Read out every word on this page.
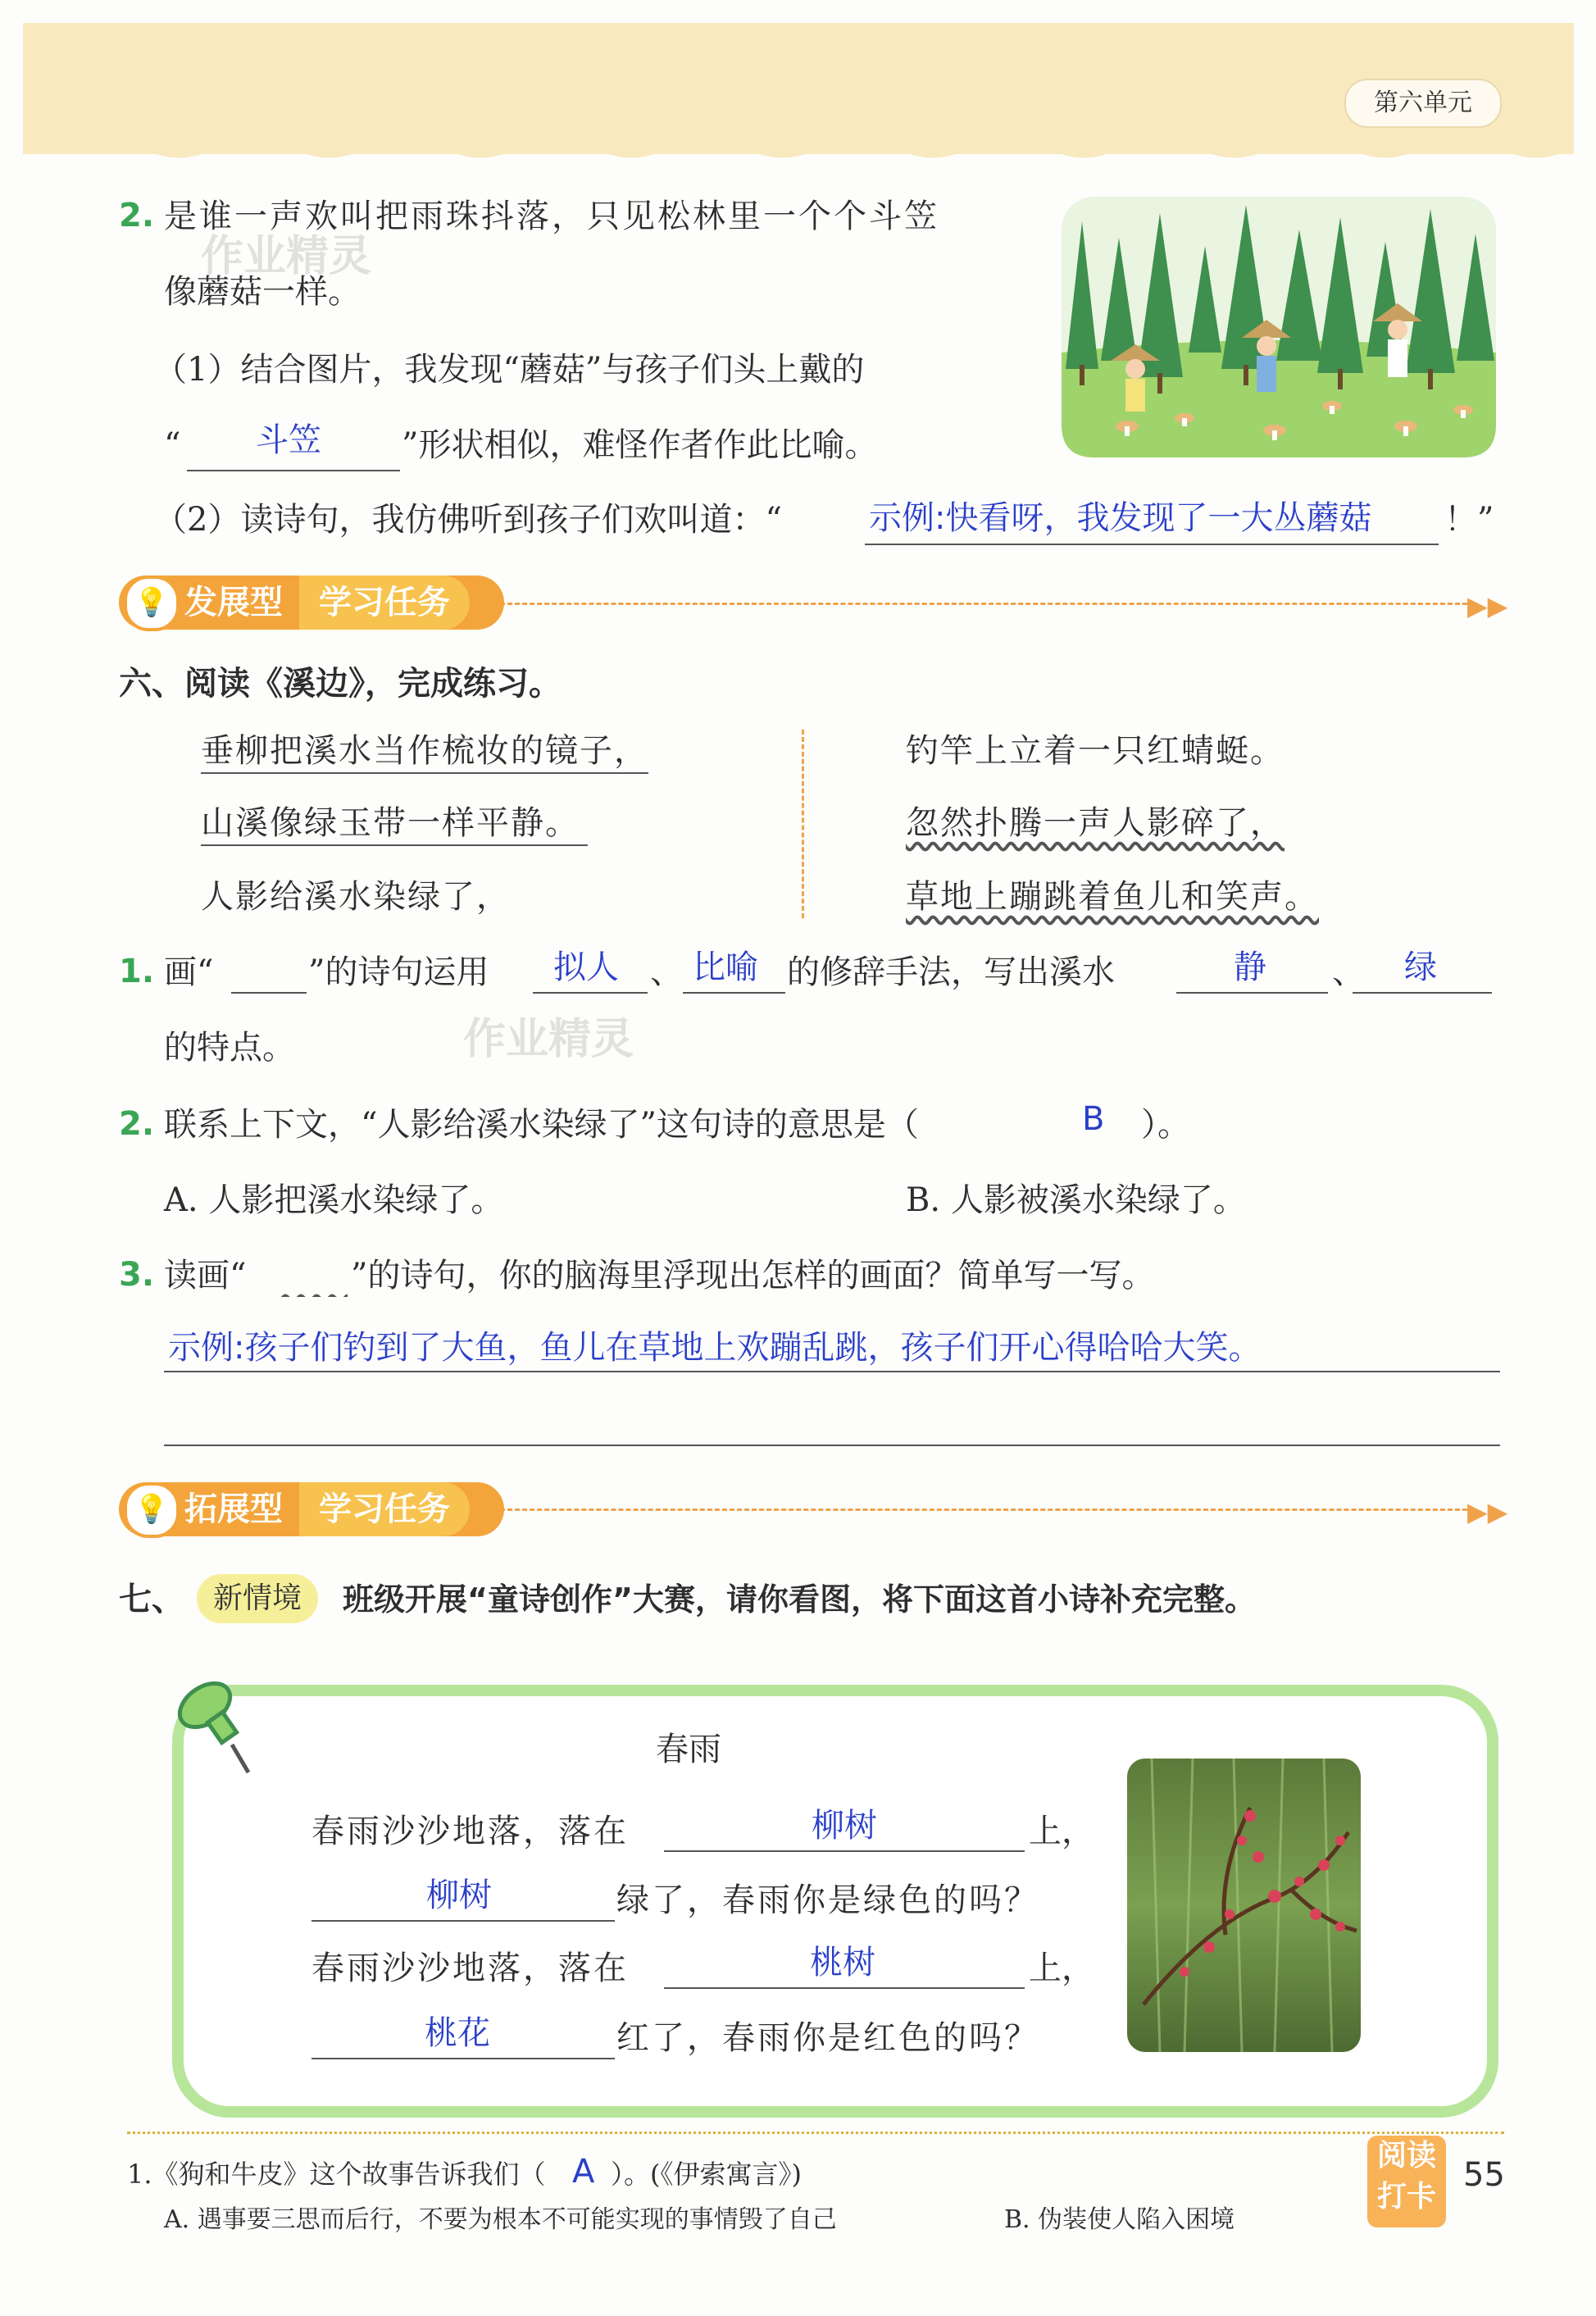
第六单元
作业精灵
作业精灵
2. 是谁一声欢叫把雨珠抖落，只见松林里一个个斗笠
像蘑菇一样。
（1）结合图片，我发现“蘑菇”与孩子们头上戴的
“ 斗笠 ”形状相似，难怪作者作此比喻。
（2）读诗句，我仿佛听到孩子们欢叫道：“	示例:快看呀，我发现了一大丛蘑菇 ！”
▶▶
💡 发展型	学习任务
六、阅读《溪边》，完成练习。
垂柳把溪水当作梳妆的镜子，
山溪像绿玉带一样平静。
人影给溪水染绿了，
钓竿上立着一只红蜻蜓。
忽然扑腾一声人影碎了，
草地上蹦跳着鱼儿和笑声。
1. 画“	”的诗句运用 拟人 、 比喻 的修辞手法，写出溪水	静 、 绿
的特点。
2. 联系上下文，“人影给溪水染绿了”这句诗的意思是（	B ）。
A. 人影把溪水染绿了。	B. 人影被溪水染绿了。
3. 读画“	”的诗句，你的脑海里浮现出怎样的画面？简单写一写。
示例:孩子们钓到了大鱼，鱼儿在草地上欢蹦乱跳，孩子们开心得哈哈大笑。
▶▶
💡 拓展型	学习任务
七、 新情境	班级开展“童诗创作”大赛，请你看图，将下面这首小诗补充完整。
春雨
春雨沙沙地落，落在	柳树	上，
柳树	绿了，春雨你是绿色的吗？
春雨沙沙地落，落在	桃树	上，
桃花	红了，春雨你是红色的吗？
1.《狗和牛皮》这个故事告诉我们（ A ）。(《伊索寓言》)
A. 遇事要三思而后行，不要为根本不可能实现的事情毁了自己	B. 伪装使人陷入困境
阅读打卡
55
